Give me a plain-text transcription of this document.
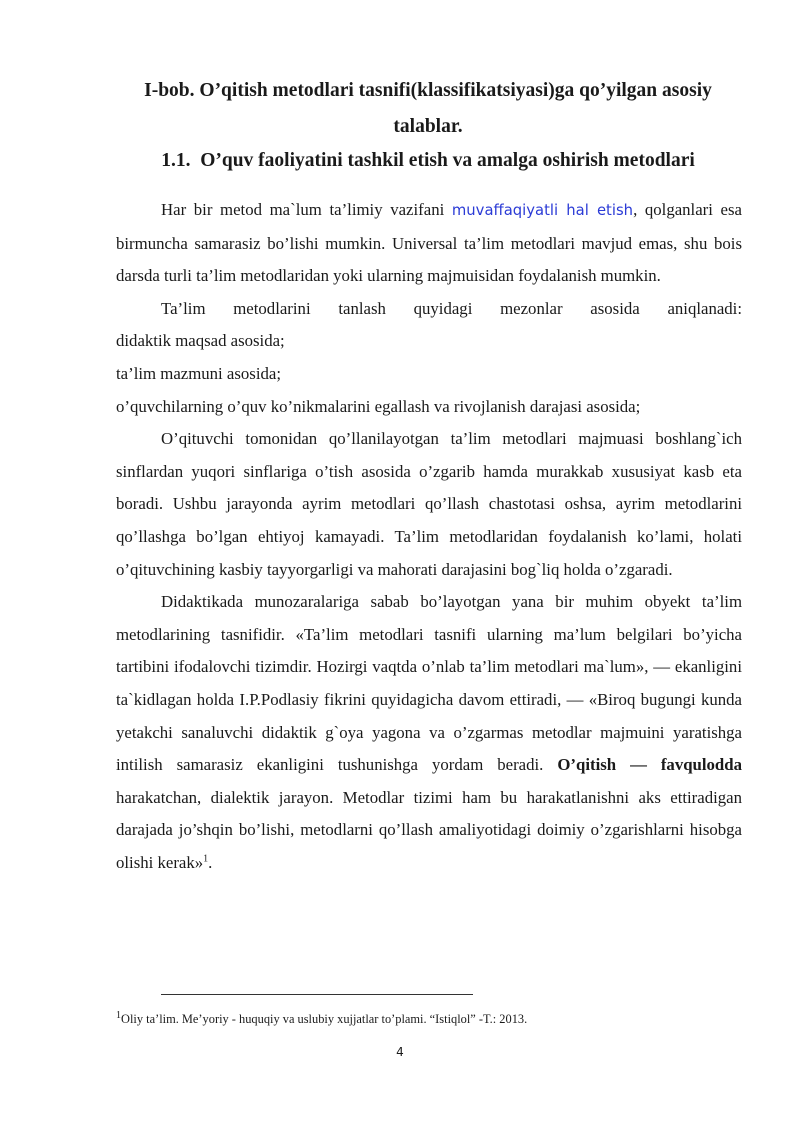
I-bob. O’qitish metodlari tasnifi(klassifikatsiyasi)ga qo’yilgan asosiy
talablar.
1.1. O’quv faoliyatini tashkil etish va amalga oshirish metodlari

Har bir metod ma`lum ta’limiy vazifani muvaffaqiyatli hal etish, qolganlari esa birmuncha samarasiz bo’lishi mumkin. Universal ta’lim metodlari mavjud emas, shu bois darsda turli ta’lim metodlaridan yoki ularning majmuisidan foydalanish mumkin.

Ta’lim metodlarini tanlash quyidagi mezonlar asosida aniqlanadi:

didaktik maqsad asosida;

ta’lim mazmuni asosida;

o’quvchilarning o’quv ko’nikmalarini egallash va rivojlanish darajasi asosida;

O’qituvchi tomonidan qo’llanilayotgan ta’lim metodlari majmuasi boshlang`ich sinflardan yuqori sinflariga o’tish asosida o’zgarib hamda murakkab xususiyat kasb eta boradi. Ushbu jarayonda ayrim metodlari qo’llash chastotasi oshsa, ayrim metodlarini qo’llashga bo’lgan ehtiyoj kamayadi. Ta’lim metodlaridan foydalanish ko’lami, holati o’qituvchining kasbiy tayyorgarligi va mahorati darajasini bog`liq holda o’zgaradi.

Didaktikada munozaralariga sabab bo’layotgan yana bir muhim obyekt ta’lim metodlarining tasnifidir. «Ta’lim metodlari tasnifi ularning ma’lum belgilari bo’yicha tartibini ifodalovchi tizimdir. Hozirgi vaqtda o’nlab ta’lim metodlari ma`lum», — ekanligini ta`kidlagan holda I.P.Podlasiy fikrini quyidagicha davom ettiradi, — «Biroq bugungi kunda yetakchi sanaluvchi didaktik g`oya yagona va o’zgarmas metodlar majmuini yaratishga intilish samarasiz ekanligini tushunishga yordam beradi. O’qitish — favqulodda harakatchan, dialektik jarayon. Metodlar tizimi ham bu harakatlanishni aks ettiradigan darajada jo’shqin bo’lishi, metodlarni qo’llash amaliyotidagi doimiy o’zgarishlarni hisobga olishi kerak»$^1$.

$^1$Oliy ta’lim. Me’yoriy - huquqiy va uslubiy xujjatlar to’plami. “Istiqlol” -T.: 2013.
4
